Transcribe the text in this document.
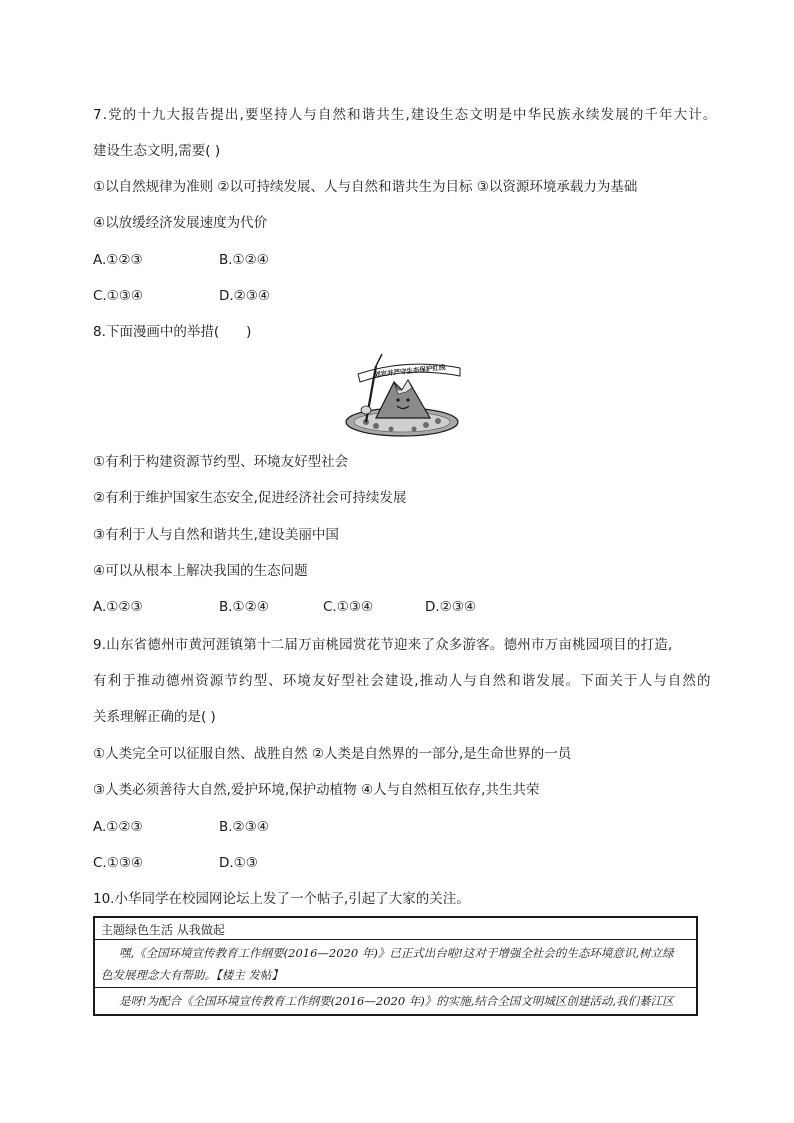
7.党的十九大报告提出,要坚持人与自然和谐共生,建设生态文明是中华民族永续发展的千年大计。
建设生态文明,需要( )
①以自然规律为准则 ②以可持续发展、人与自然和谐共生为目标 ③以资源环境承载力为基础
④以放缓经济发展速度为代价
A.①②③	B.①②④
C.①③④	D.②③④
8.下面漫画中的举措(　　)
划定并严守生态保护红线
①有利于构建资源节约型、环境友好型社会
②有利于维护国家生态安全,促进经济社会可持续发展
③有利于人与自然和谐共生,建设美丽中国
④可以从根本上解决我国的生态问题
A.①②③	B.①②④	C.①③④	D.②③④
9.山东省德州市黄河涯镇第十二届万亩桃园赏花节迎来了众多游客。德州市万亩桃园项目的打造,
有利于推动德州资源节约型、环境友好型社会建设,推动人与自然和谐发展。下面关于人与自然的
关系理解正确的是( )
①人类完全可以征服自然、战胜自然 ②人类是自然界的一部分,是生命世界的一员
③人类必须善待大自然,爱护环境,保护动植物 ④人与自然相互依存,共生共荣
A.①②③	B.②③④
C.①③④	D.①③
10.小华同学在校园网论坛上发了一个帖子,引起了大家的关注。
主题绿色生活 从我做起
嘿,《全国环境宣传教育工作纲要(2016—2020 年)》已正式出台啦!这对于增强全社会的生态环境意识,树立绿
色发展理念大有帮助。【楼主 发帖】
是呀!为配合《全国环境宣传教育工作纲要(2016—2020 年)》的实施,结合全国文明城区创建活动,我们綦江区
